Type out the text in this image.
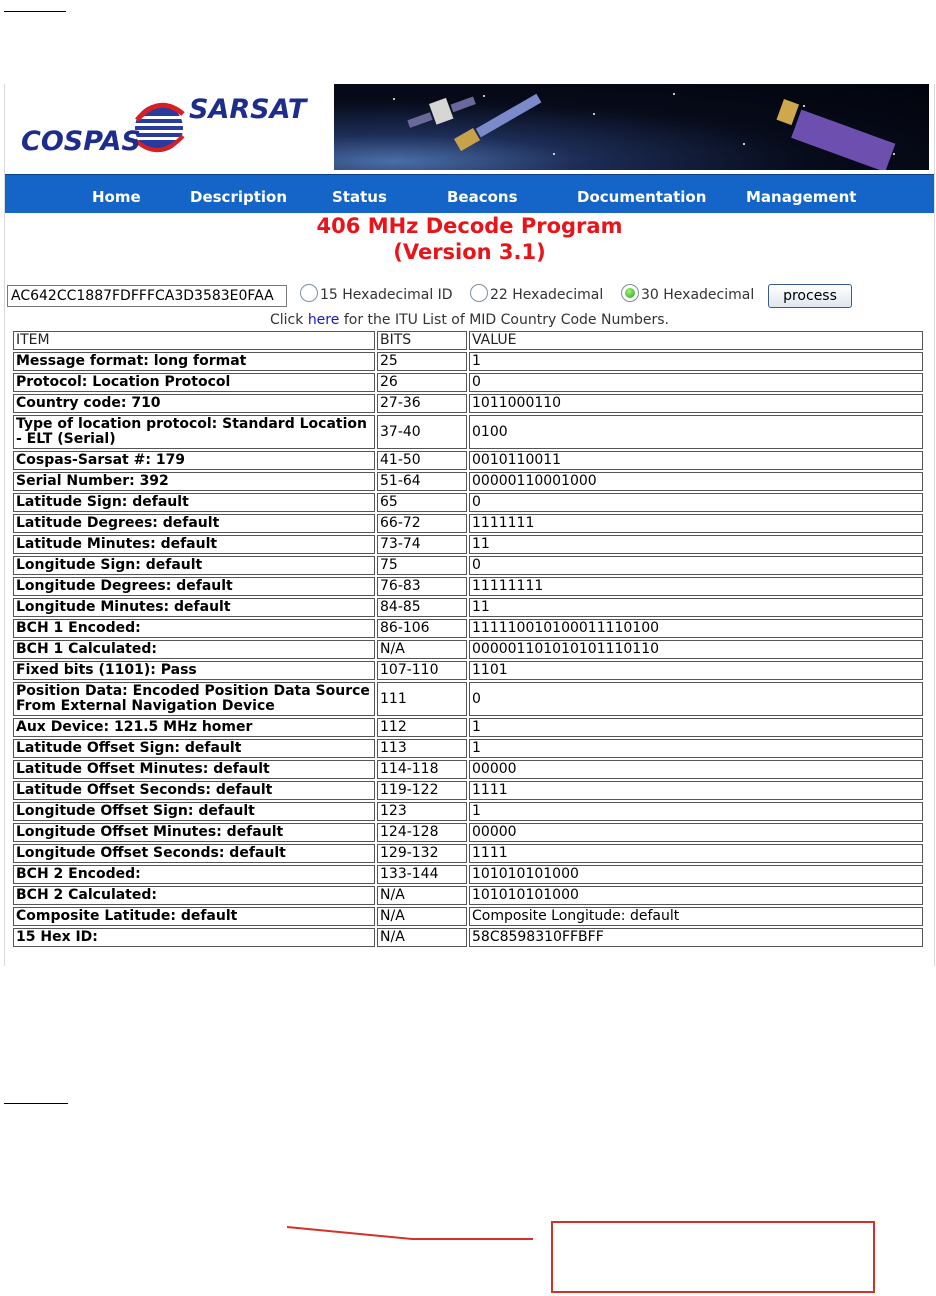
COSPAS
SARSAT
Home	Description	Status	Beacons	Documentation	Management
406 MHz Decode Program
(Version 3.1)
AC642CC1887FDFFFCA3D3583E0FAA
15 Hexadecimal ID	22 Hexadecimal	30 Hexadecimal	process
Click here for the ITU List of MID Country Code Numbers.
ITEM	BITS	VALUE
Message format: long format	25	1
Protocol: Location Protocol	26	0
Country code: 710	27-36	1011000110
Type of location protocol: Standard Location - ELT (Serial)	37-40	0100
Cospas-Sarsat #: 179	41-50	0010110011
Serial Number: 392	51-64	00000110001000
Latitude Sign: default	65	0
Latitude Degrees: default	66-72	1111111
Latitude Minutes: default	73-74	11
Longitude Sign: default	75	0
Longitude Degrees: default	76-83	11111111
Longitude Minutes: default	84-85	11
BCH 1 Encoded:	86-106	111110010100011110100
BCH 1 Calculated:	N/A	000001101010101110110
Fixed bits (1101): Pass	107-110	1101
Position Data: Encoded Position Data Source From External Navigation Device	111	0
Aux Device: 121.5 MHz homer	112	1
Latitude Offset Sign: default	113	1
Latitude Offset Minutes: default	114-118	00000
Latitude Offset Seconds: default	119-122	1111
Longitude Offset Sign: default	123	1
Longitude Offset Minutes: default	124-128	00000
Longitude Offset Seconds: default	129-132	1111
BCH 2 Encoded:	133-144	101010101000
BCH 2 Calculated:	N/A	101010101000
Composite Latitude: default	N/A	Composite Longitude: default
15 Hex ID:	N/A	58C8598310FFBFF
